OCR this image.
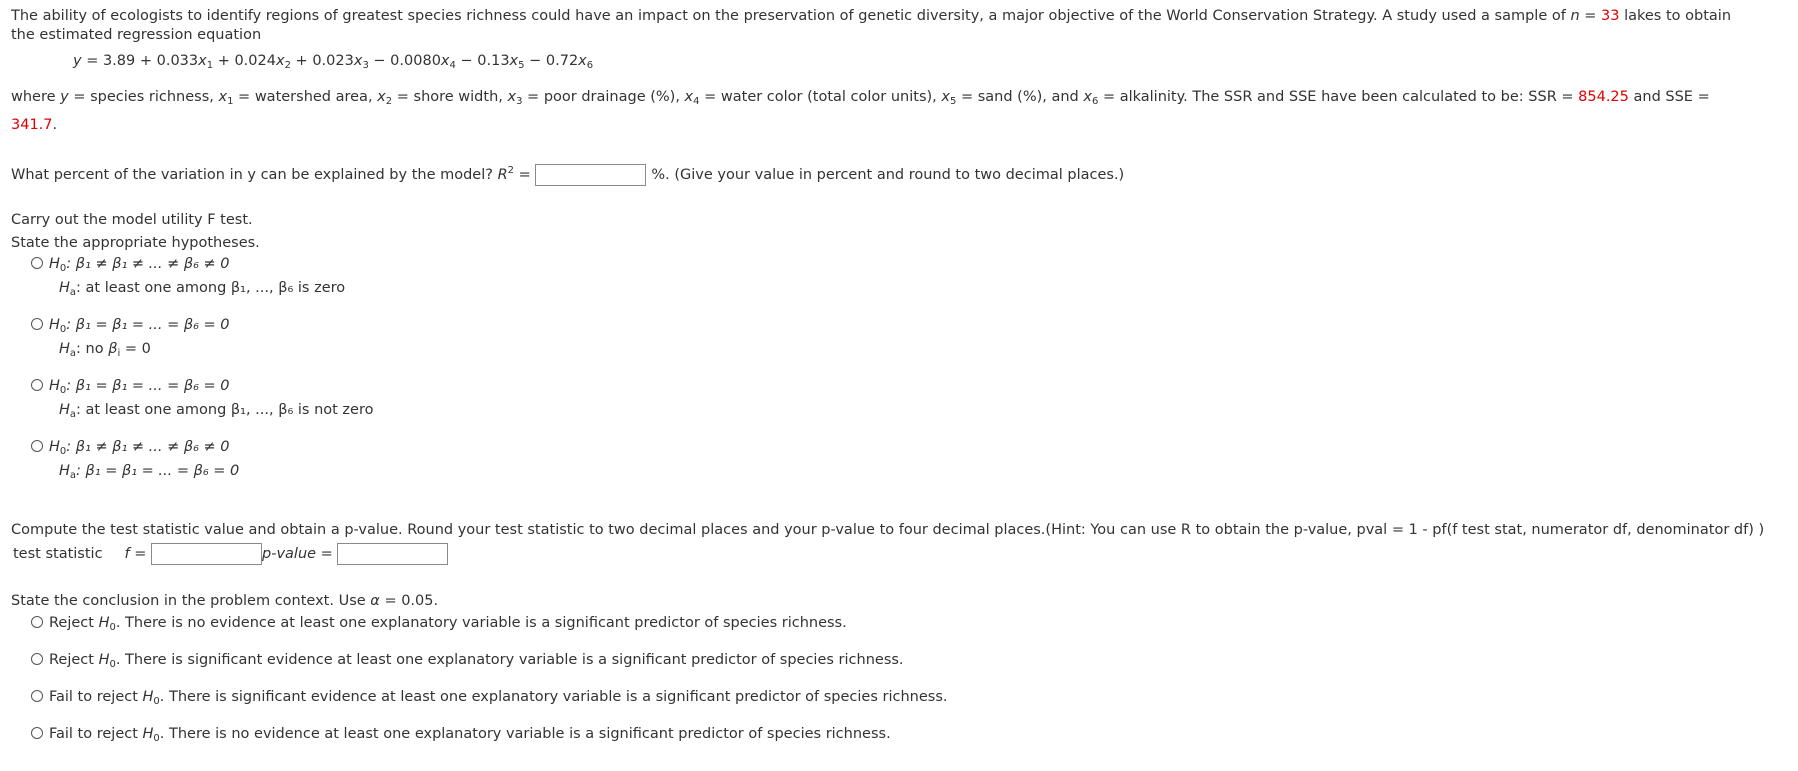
The ability of ecologists to identify regions of greatest species richness could have an impact on the preservation of genetic diversity, a major objective of the World Conservation Strategy. A study used a sample of n = 33 lakes to obtain
the estimated regression equation
$y = 3.89 + 0.033x_1 + 0.024x_2 + 0.023x_3 - 0.0080x_4 - 0.13x_5 - 0.72x_6$
where y = species richness, $x_1$ = watershed area, $x_2$ = shore width, $x_3$ = poor drainage (%), $x_4$ = water color (total color units), $x_5$ = sand (%), and $x_6$ = alkalinity. The SSR and SSE have been calculated to be: SSR = 854.25 and SSE =
341.7.
What percent of the variation in y can be explained by the model? $R^2$ =	%. (Give your value in percent and round to two decimal places.)
Carry out the model utility F test.
State the appropriate hypotheses.
$H_0$: β₁ ≠ β₁ ≠ ... ≠ β₆ ≠ 0
$H_a$: at least one among β₁, ..., β₆ is zero
$H_0$: β₁ = β₁ = ... = β₆ = 0
$H_a$: no $\beta_i = 0$
$H_0$: β₁ = β₁ = ... = β₆ = 0
$H_a$: at least one among β₁, ..., β₆ is not zero
$H_0$: β₁ ≠ β₁ ≠ ... ≠ β₆ ≠ 0
$H_a$: β₁ = β₁ = ... = β₆ = 0
Compute the test statistic value and obtain a p-value. Round your test statistic to two decimal places and your p-value to four decimal places.(Hint: You can use R to obtain the p-value, pval = 1 - pf(f test stat, numerator df, denominator df) )
test statistic f =	p-value =
State the conclusion in the problem context. Use α = 0.05.
Reject $H_0$. There is no evidence at least one explanatory variable is a significant predictor of species richness.
Reject $H_0$. There is significant evidence at least one explanatory variable is a significant predictor of species richness.
Fail to reject $H_0$. There is significant evidence at least one explanatory variable is a significant predictor of species richness.
Fail to reject $H_0$. There is no evidence at least one explanatory variable is a significant predictor of species richness.
